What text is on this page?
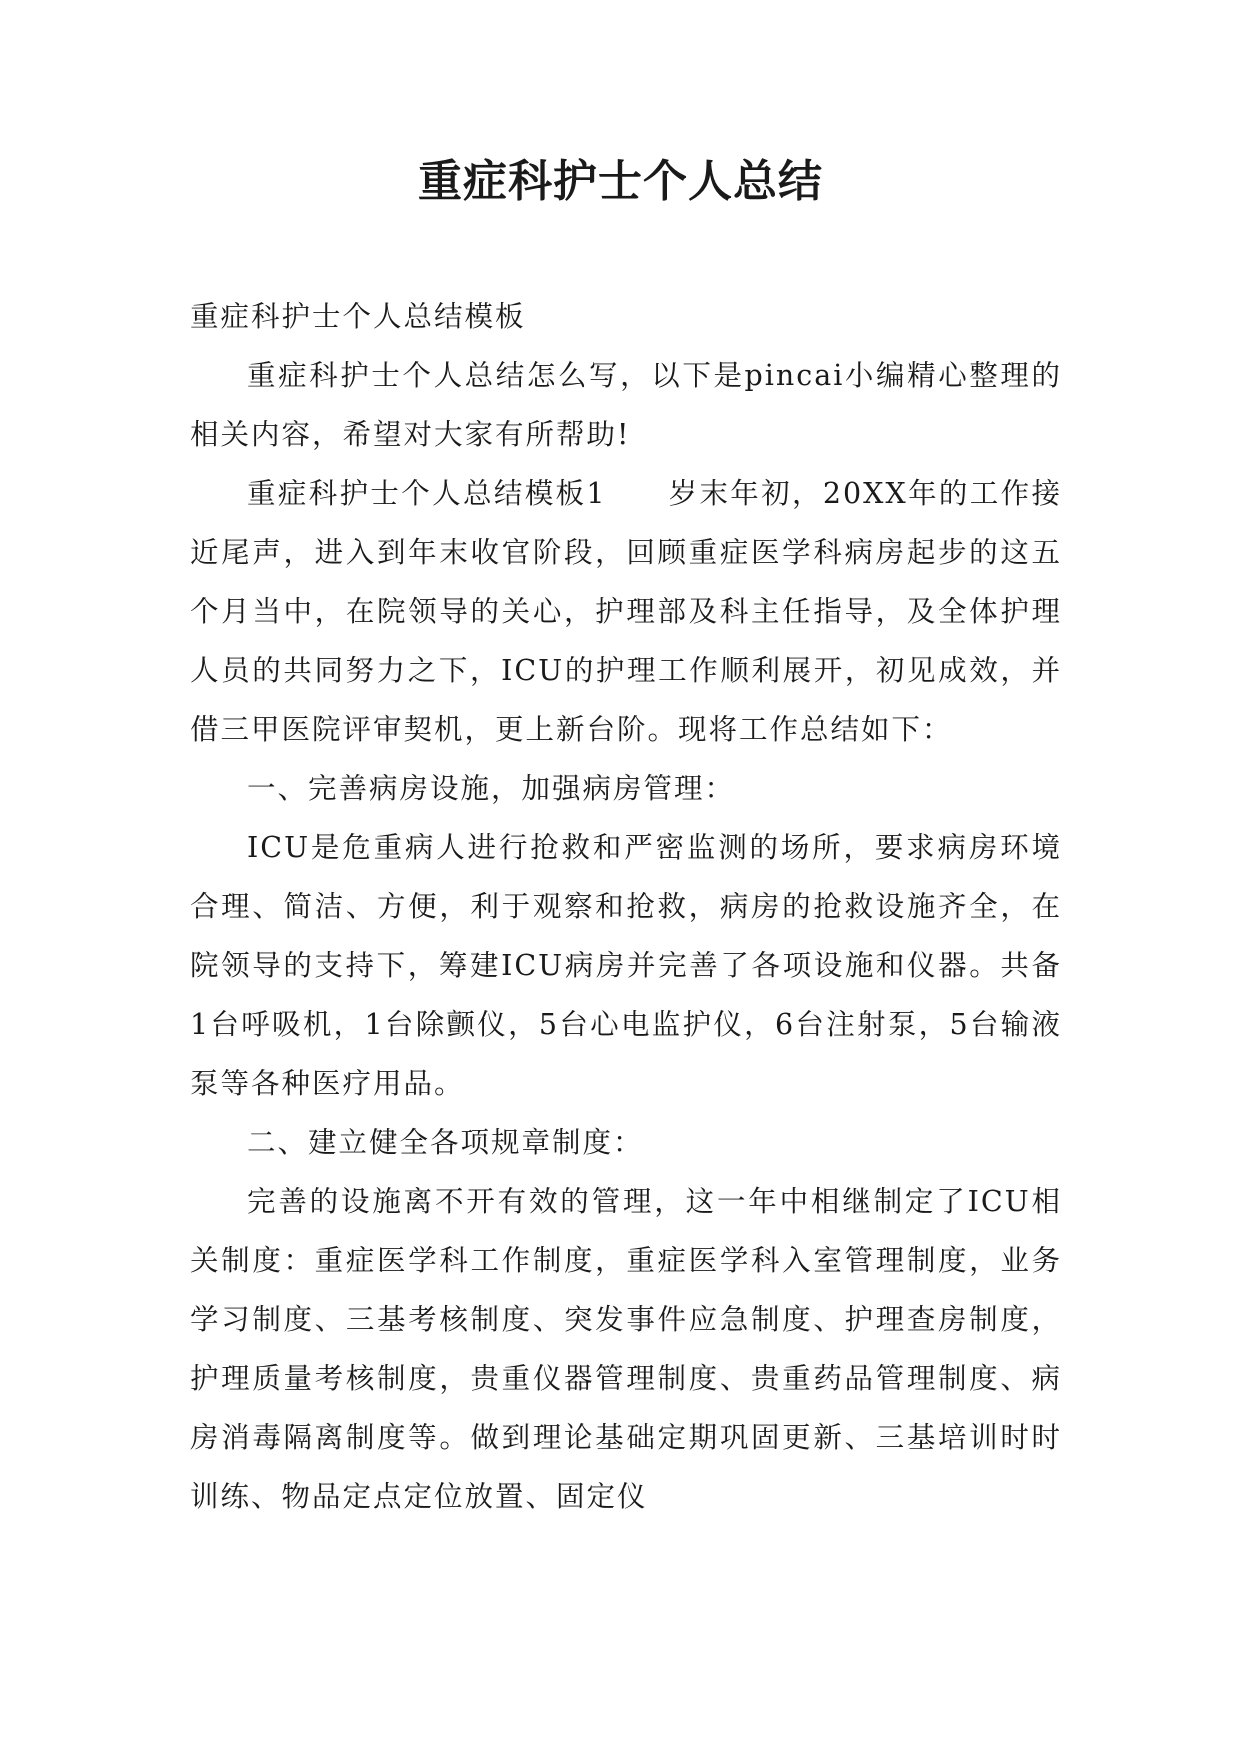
重症科护士个人总结

重症科护士个人总结模板

重症科护士个人总结怎么写，以下是pincai小编精心整理的相关内容，希望对大家有所帮助!

重症科护士个人总结模板1　　岁末年初，20XX年的工作接近尾声，进入到年末收官阶段，回顾重症医学科病房起步的这五个月当中，在院领导的关心，护理部及科主任指导，及全体护理人员的共同努力之下，ICU的护理工作顺利展开，初见成效，并借三甲医院评审契机，更上新台阶。现将工作总结如下：

一、完善病房设施，加强病房管理：

ICU是危重病人进行抢救和严密监测的场所，要求病房环境合理、简洁、方便，利于观察和抢救，病房的抢救设施齐全，在院领导的支持下，筹建ICU病房并完善了各项设施和仪器。共备1台呼吸机，1台除颤仪，5台心电监护仪，6台注射泵，5台输液泵等各种医疗用品。

二、建立健全各项规章制度：

完善的设施离不开有效的管理，这一年中相继制定了ICU相关制度：重症医学科工作制度，重症医学科入室管理制度，业务学习制度、三基考核制度、突发事件应急制度、护理查房制度，护理质量考核制度，贵重仪器管理制度、贵重药品管理制度、病房消毒隔离制度等。做到理论基础定期巩固更新、三基培训时时训练、物品定点定位放置、固定仪
